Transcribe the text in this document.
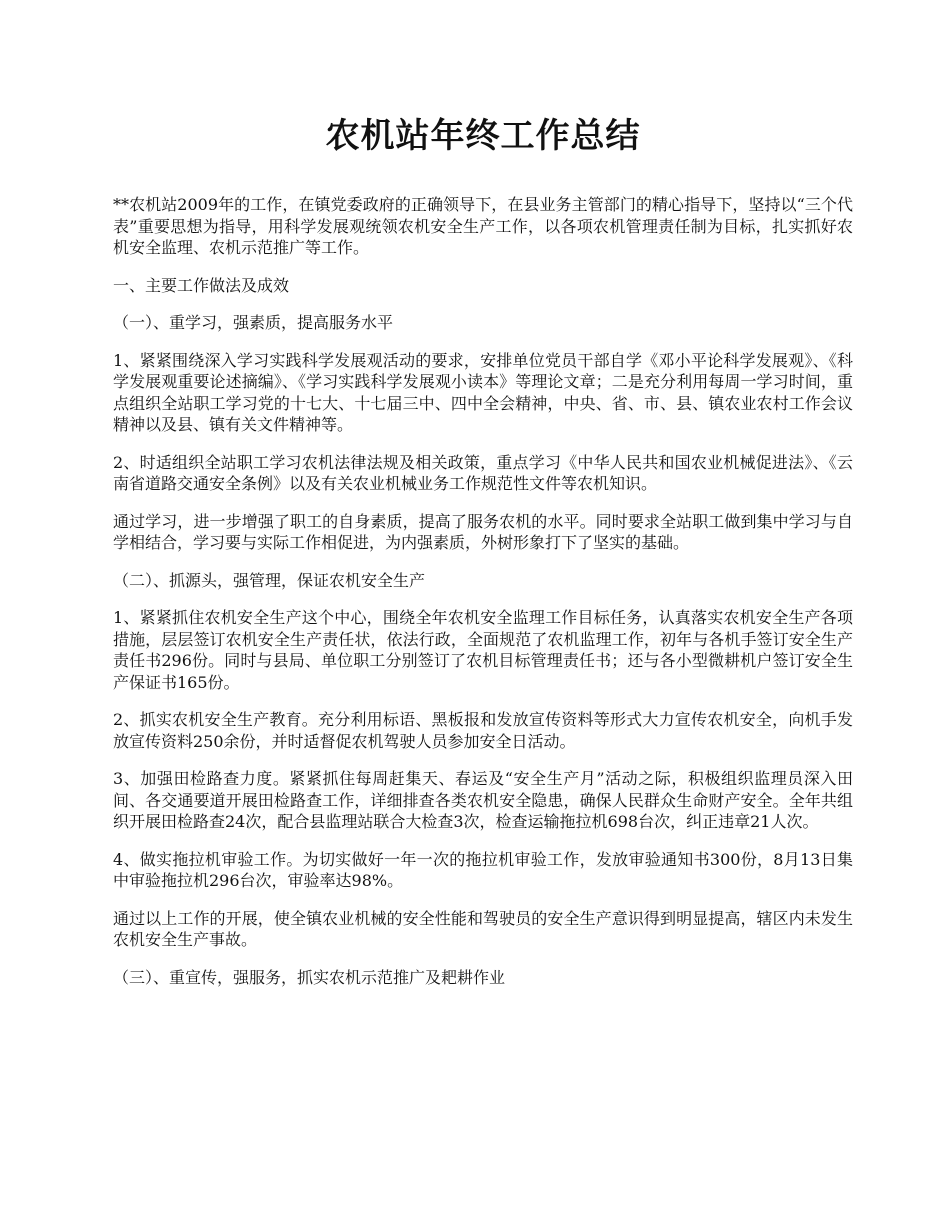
农机站年终工作总结

**农机站2009年的工作，在镇党委政府的正确领导下，在县业务主管部门的精心指导下，坚持以“三个代表”重要思想为指导，用科学发展观统领农机安全生产工作，以各项农机管理责任制为目标，扎实抓好农机安全监理、农机示范推广等工作。

一、主要工作做法及成效

（一）、重学习，强素质，提高服务水平

1、紧紧围绕深入学习实践科学发展观活动的要求，安排单位党员干部自学《邓小平论科学发展观》、《科学发展观重要论述摘编》、《学习实践科学发展观小读本》等理论文章；二是充分利用每周一学习时间，重点组织全站职工学习党的十七大、十七届三中、四中全会精神，中央、省、市、县、镇农业农村工作会议精神以及县、镇有关文件精神等。

2、时适组织全站职工学习农机法律法规及相关政策，重点学习《中华人民共和国农业机械促进法》、《云南省道路交通安全条例》以及有关农业机械业务工作规范性文件等农机知识。

通过学习，进一步增强了职工的自身素质，提高了服务农机的水平。同时要求全站职工做到集中学习与自学相结合，学习要与实际工作相促进，为内强素质，外树形象打下了坚实的基础。

（二）、抓源头，强管理，保证农机安全生产

1、紧紧抓住农机安全生产这个中心，围绕全年农机安全监理工作目标任务，认真落实农机安全生产各项措施，层层签订农机安全生产责任状，依法行政，全面规范了农机监理工作，初年与各机手签订安全生产责任书296份。同时与县局、单位职工分别签订了农机目标管理责任书；还与各小型微耕机户签订安全生产保证书165份。

2、抓实农机安全生产教育。充分利用标语、黑板报和发放宣传资料等形式大力宣传农机安全，向机手发放宣传资料250余份，并时适督促农机驾驶人员参加安全日活动。

3、加强田检路查力度。紧紧抓住每周赶集天、春运及“安全生产月”活动之际，积极组织监理员深入田间、各交通要道开展田检路查工作，详细排查各类农机安全隐患，确保人民群众生命财产安全。全年共组织开展田检路查24次，配合县监理站联合大检查3次，检查运输拖拉机698台次，纠正违章21人次。

4、做实拖拉机审验工作。为切实做好一年一次的拖拉机审验工作，发放审验通知书300份，8月13日集中审验拖拉机296台次，审验率达98%。

通过以上工作的开展，使全镇农业机械的安全性能和驾驶员的安全生产意识得到明显提高，辖区内未发生农机安全生产事故。

（三）、重宣传，强服务，抓实农机示范推广及耙耕作业
